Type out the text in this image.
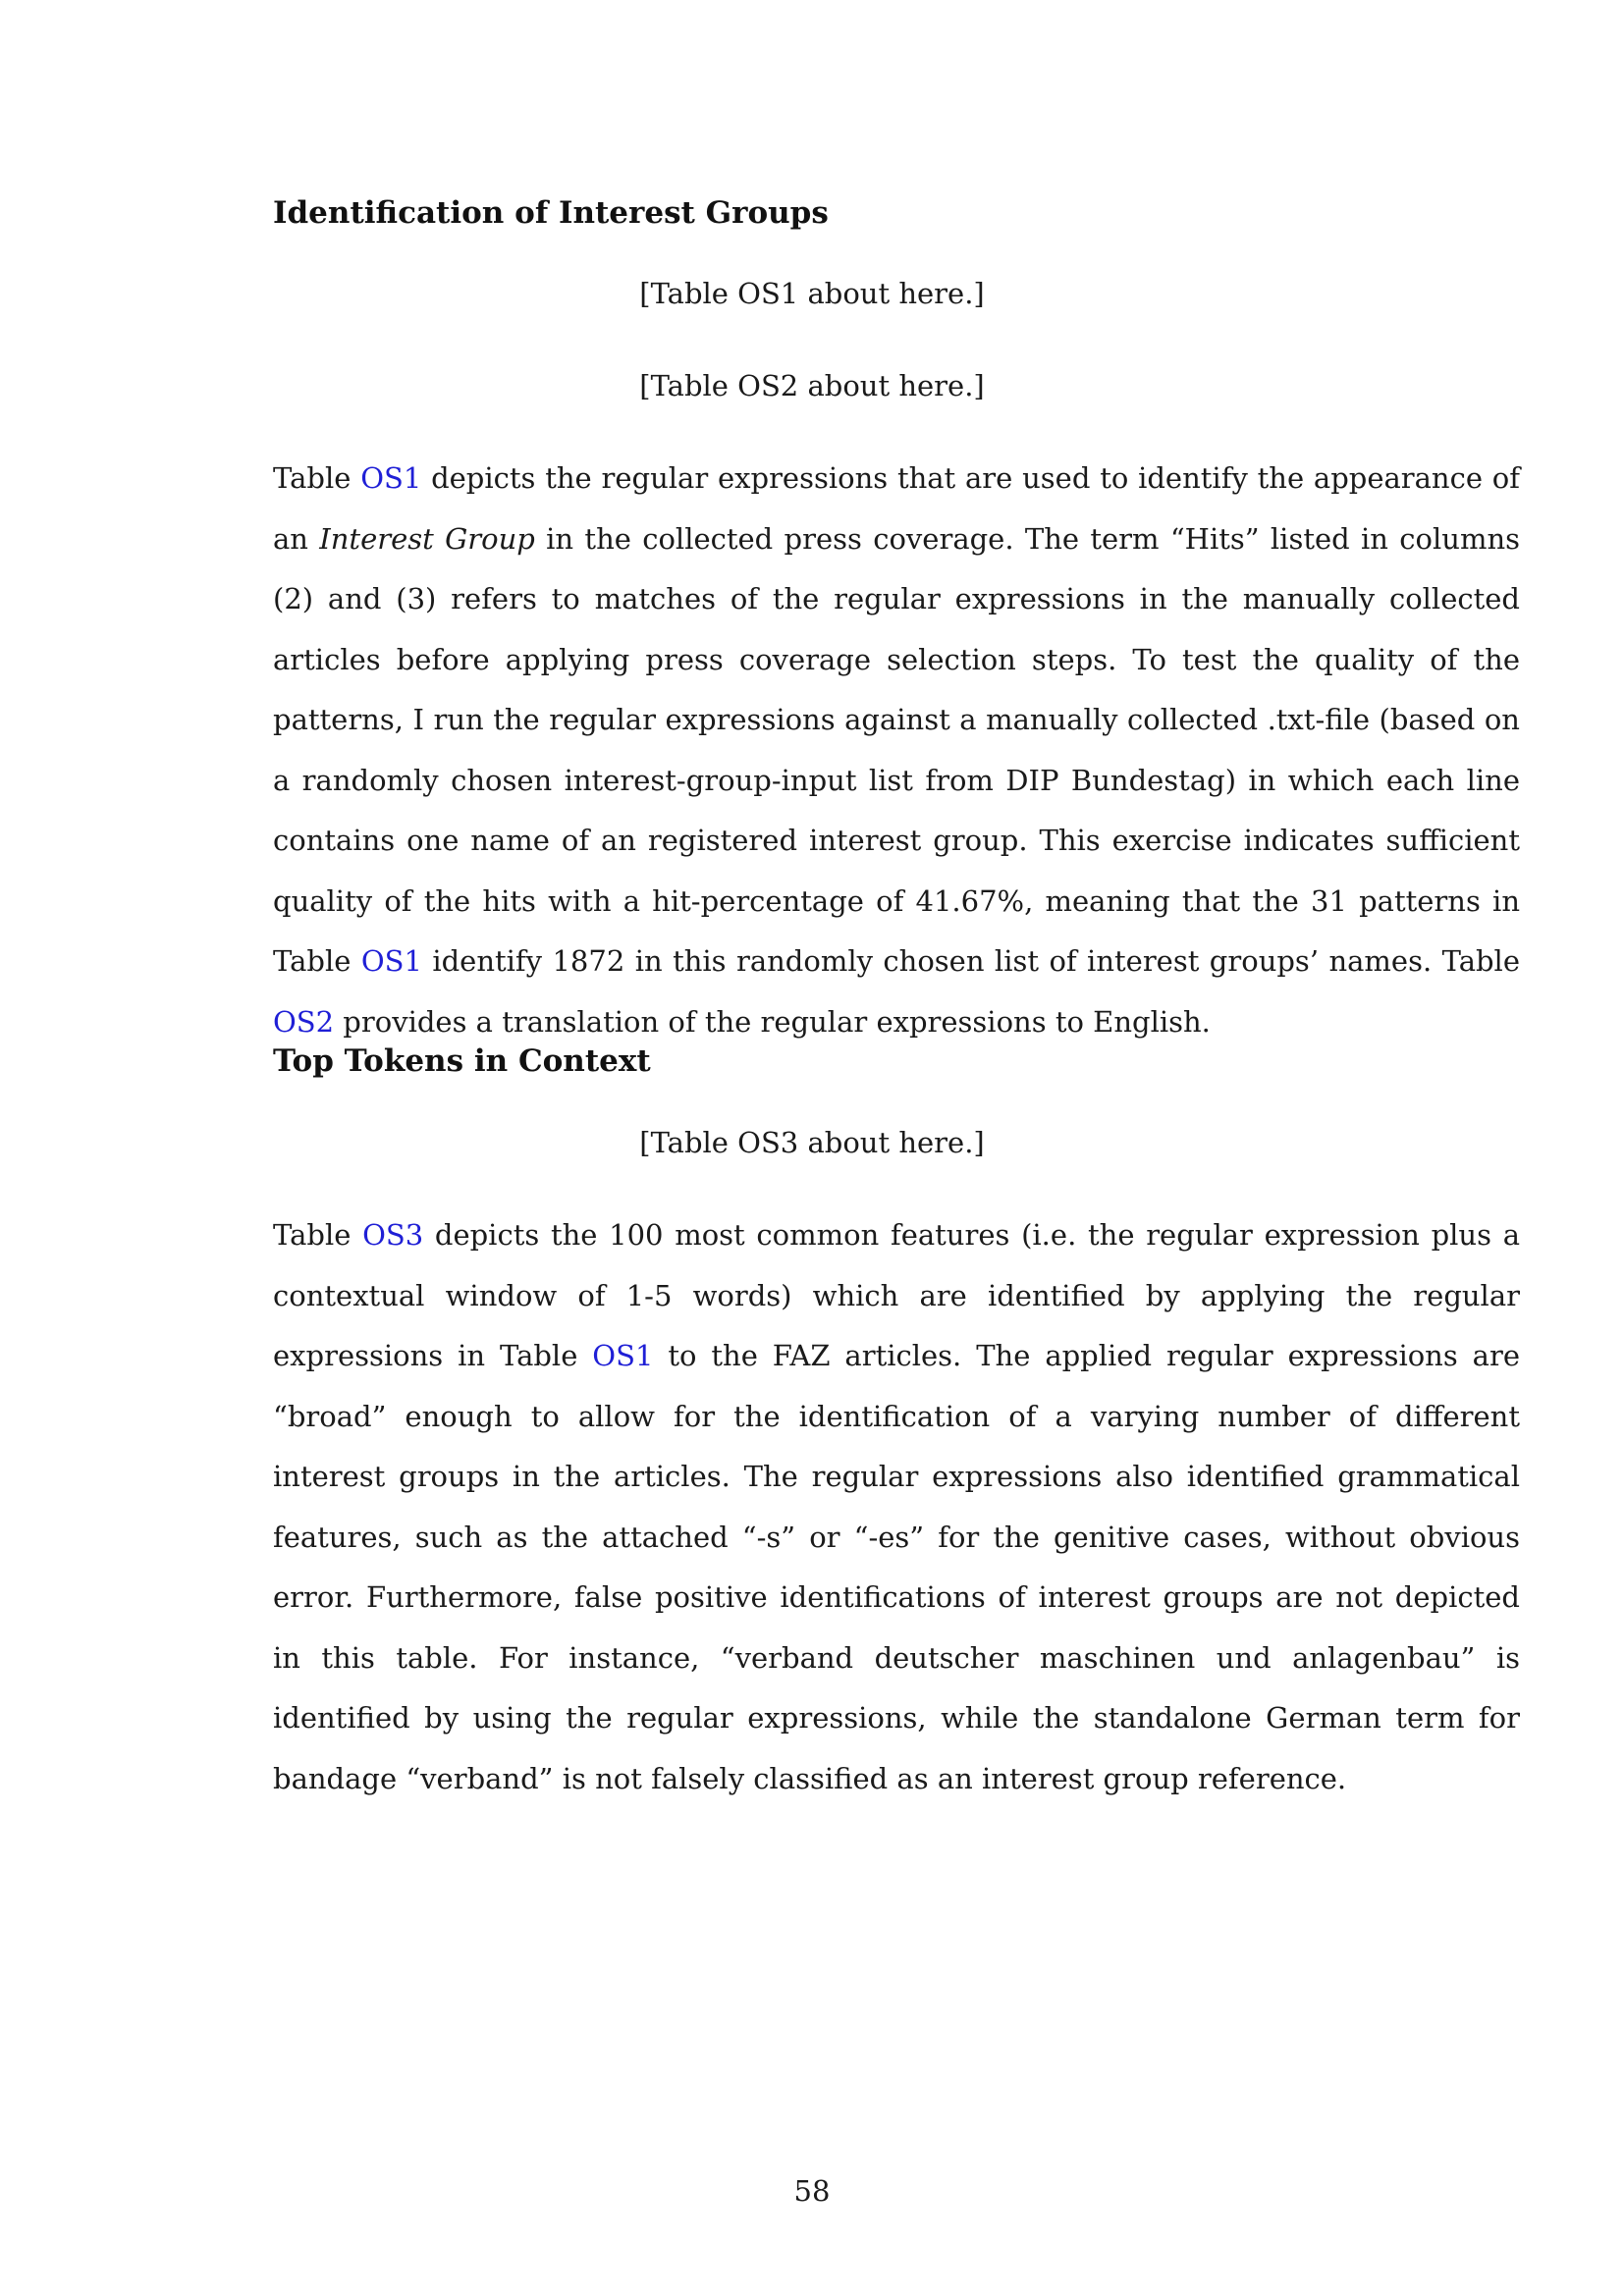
Identification of Interest Groups

[Table OS1 about here.]

[Table OS2 about here.]

Table OS1 depicts the regular expressions that are used to identify the appearance of an Interest Group in the collected press coverage. The term “Hits” listed in columns (2) and (3) refers to matches of the regular expressions in the manually collected articles before applying press coverage selection steps. To test the quality of the patterns, I run the regular expressions against a manually collected .txt-file (based on a randomly chosen interest-group-input list from DIP Bundestag) in which each line contains one name of an registered interest group. This exercise indicates sufficient quality of the hits with a hit-percentage of 41.67%, meaning that the 31 patterns in Table OS1 identify 1872 in this randomly chosen list of interest groups’ names. Table OS2 provides a translation of the regular expressions to English.

Top Tokens in Context

[Table OS3 about here.]

Table OS3 depicts the 100 most common features (i.e. the regular expression plus a contextual window of 1-5 words) which are identified by applying the regular expressions in Table OS1 to the FAZ articles. The applied regular expressions are “broad” enough to allow for the identification of a varying number of different interest groups in the articles. The regular expressions also identified grammatical features, such as the attached “-s” or “-es” for the genitive cases, without obvious error. Furthermore, false positive identifications of interest groups are not depicted in this table. For instance, “verband deutscher maschinen und anlagenbau” is identified by using the regular expressions, while the standalone German term for bandage “verband” is not falsely classified as an interest group reference.

58
